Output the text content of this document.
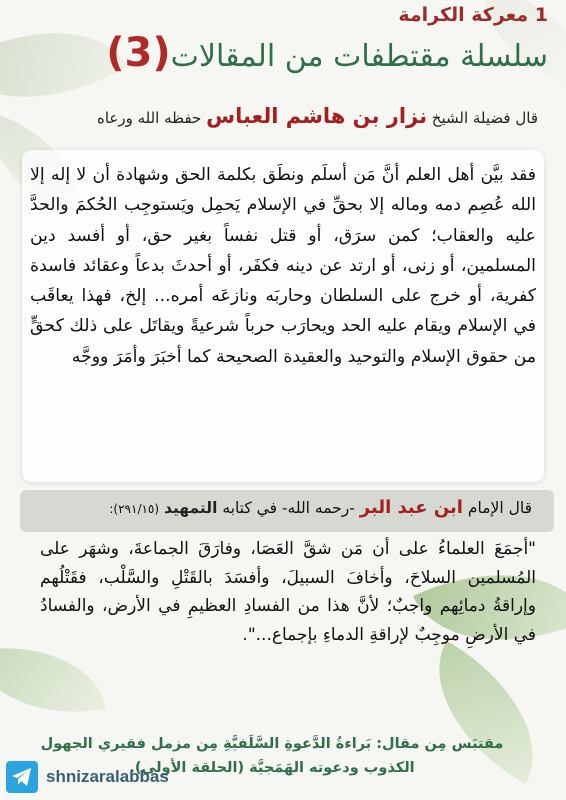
1 معركة الكرامة
سلسلة مقتطفات من المقالات(3)
قال فضيلة الشيخ نزار بن هاشم العباس حفظه الله ورعاه
فقد بيَّن أهل العلم أنَّ مَن أسلَم ونطَق بكلمة الحق وشهادة أن لا إله إلا الله عُصِم دمه وماله إلا بحقِّ في الإسلام يَحمِل ويَستوجِب الحُكمَ والحدَّ عليه والعقاب؛ كمن سرَق، أو قتل نفساً بغير حق، أو أفسد دين المسلمين، أو زنى، أو ارتد عن دينه فكفَر، أو أحدثَ بدعاً وعقائد فاسدة كفرية، أو خرج على السلطان وحاربَه ونازعَه أمره... إلخ، فهذا يعاقَب في الإسلام ويقام عليه الحد ويحارَب حرباً شرعيةً ويقاتَل على ذلك كحقٍّ من حقوق الإسلام والتوحيد والعقيدة الصحيحة كما أخبَرَ وأمَرَ ووجَّه
قال الإمام ابن عبد البر -رحمه الله- في كتابه التمهيد (٢٩١/١٥):
"أجمَعَ العلماءُ على أن مَن شقَّ العَصَا، وفارَقَ الجماعةَ، وشهَر على المُسلمين السلاحَ، وأخافَ السبيلَ، وأفسَدَ بالقَتْلِ والسَّلْب، فقَتْلُهم وإراقةُ دمائِهم واجبٌ؛ لأنَّ هذا من الفسادِ العظيمِ في الأرض، والفسادُ في الأرضِ موجِبٌ لإراقةِ الدماءِ بإجماع...".
مقتبَس مِن مقال: بَراءةُ الدَّعوةِ السَّلَفيَّةِ مِن مزمل فقيري الجهول الكذوب ودعوته الهَمَجيَّة (الحلقة الأولى).
shnizaralabbas
